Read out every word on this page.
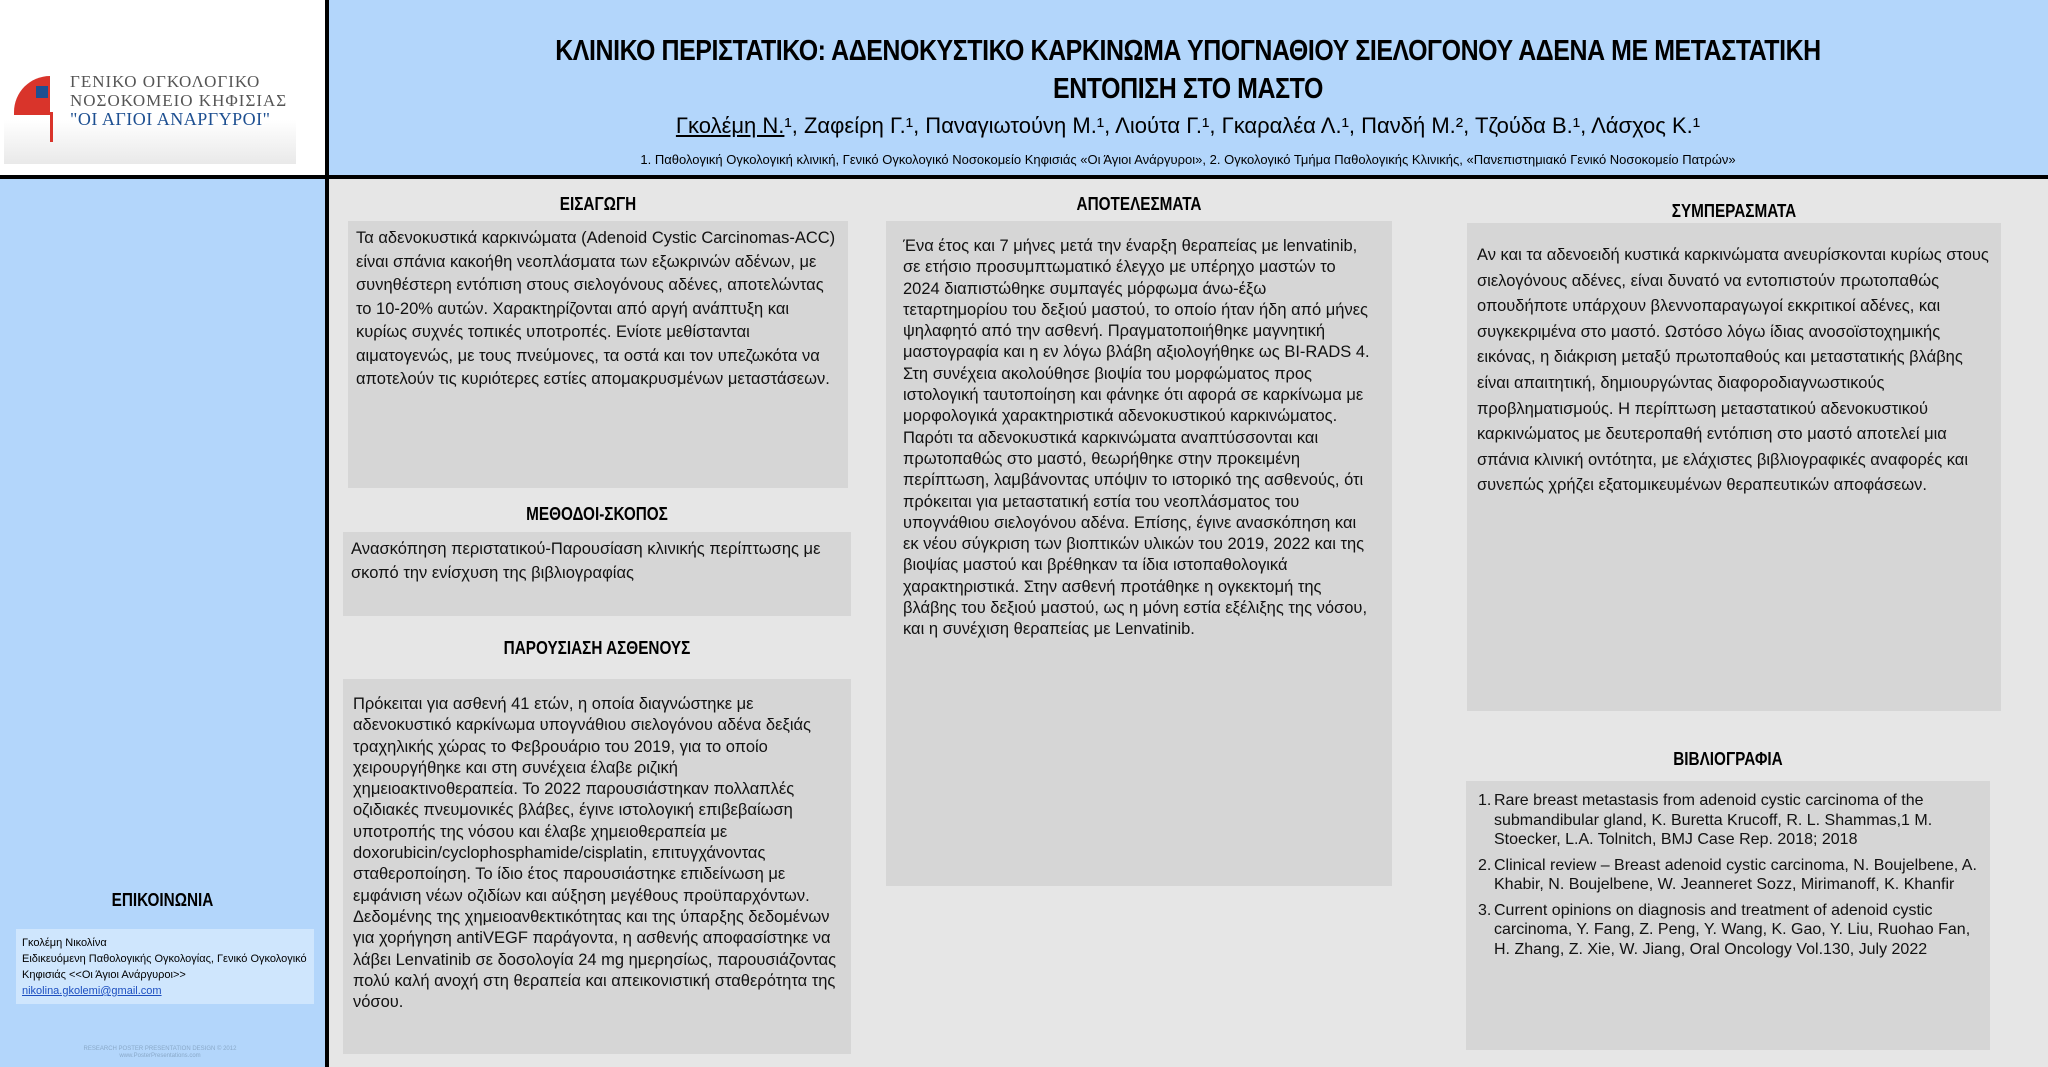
ΓΕΝΙΚΟ ΟΓΚΟΛΟΓΙΚΟ
ΝΟΣΟΚΟΜΕΙΟ ΚΗΦΙΣΙΑΣ
"ΟΙ ΑΓΙΟΙ ΑΝΑΡΓΥΡΟΙ"
ΚΛΙΝΙΚΟ ΠΕΡΙΣΤΑΤΙΚΟ: ΑΔΕΝΟΚΥΣΤΙΚΟ ΚΑΡΚΙΝΩΜΑ ΥΠΟΓΝΑΘΙΟΥ ΣΙΕΛΟΓΟΝΟΥ ΑΔΕΝΑ ΜΕ ΜΕΤΑΣΤΑΤΙΚΗ ΕΝΤΟΠΙΣΗ ΣΤΟ ΜΑΣΤΟ
Γκολέμη Ν.¹, Ζαφείρη Γ.¹, Παναγιωτούνη Μ.¹, Λιούτα Γ.¹, Γκαραλέα Λ.¹, Πανδή Μ.², Τζούδα Β.¹, Λάσχος Κ.¹
1. Παθολογική Ογκολογική κλινική, Γενικό Ογκολογικό Νοσοκομείο Κηφισιάς «Οι Άγιοι Ανάργυροι», 2. Ογκολογικό Τμήμα Παθολογικής Κλινικής, «Πανεπιστημιακό Γενικό Νοσοκομείο Πατρών»
ΕΠΙΚΟΙΝΩΝΙΑ
Γκολέμη Νικολίνα
Ειδικευόμενη Παθολογικής Ογκολογίας, Γενικό Ογκολογικό Κηφισιάς <<Οι Άγιοι Ανάργυροι>>
nikolina.gkolemi@gmail.com
RESEARCH POSTER PRESENTATION DESIGN © 2012 www.PosterPresentations.com
ΕΙΣΑΓΩΓΗ

Τα αδενοκυστικά καρκινώματα (Adenoid Cystic Carcinomas-ACC) είναι σπάνια κακοήθη νεοπλάσματα των εξωκρινών αδένων, με συνηθέστερη εντόπιση στους σιελογόνους αδένες, αποτελώντας το 10-20% αυτών. Χαρακτηρίζονται από αργή ανάπτυξη και κυρίως συχνές τοπικές υποτροπές. Ενίοτε μεθίστανται αιματογενώς, με τους πνεύμονες, τα οστά και τον υπεζωκότα να αποτελούν τις κυριότερες εστίες απομακρυσμένων μεταστάσεων.

ΜΕΘΟΔΟΙ-ΣΚΟΠΟΣ

Ανασκόπηση περιστατικού-Παρουσίαση κλινικής περίπτωσης με σκοπό την ενίσχυση της βιβλιογραφίας

ΠΑΡΟΥΣΙΑΣΗ ΑΣΘΕΝΟΥΣ

Πρόκειται για ασθενή 41 ετών, η οποία διαγνώστηκε με αδενοκυστικό καρκίνωμα υπογνάθιου σιελογόνου αδένα δεξιάς τραχηλικής χώρας το Φεβρουάριο του 2019, για το οποίο χειρουργήθηκε και στη συνέχεια έλαβε ριζική χημειοακτινοθεραπεία. Το 2022 παρουσιάστηκαν πολλαπλές οζιδιακές πνευμονικές βλάβες, έγινε ιστολογική επιβεβαίωση υποτροπής της νόσου και έλαβε χημειοθεραπεία με doxorubicin/cyclophosphamide/cisplatin, επιτυγχάνοντας σταθεροποίηση. Το ίδιο έτος παρουσιάστηκε επιδείνωση με εμφάνιση νέων οζιδίων και αύξηση μεγέθους προϋπαρχόντων. Δεδομένης της χημειοανθεκτικότητας και της ύπαρξης δεδομένων για χορήγηση antiVEGF παράγοντα, η ασθενής αποφασίστηκε να λάβει Lenvatinib σε δοσολογία 24 mg ημερησίως, παρουσιάζοντας πολύ καλή ανοχή στη θεραπεία και απεικονιστική σταθερότητα της νόσου.

ΑΠΟΤΕΛΕΣΜΑΤΑ

Ένα έτος και 7 μήνες μετά την έναρξη θεραπείας με lenvatinib, σε ετήσιο προσυμπτωματικό έλεγχο με υπέρηχο μαστών το 2024 διαπιστώθηκε συμπαγές μόρφωμα άνω-έξω τεταρτημορίου του δεξιού μαστού, το οποίο ήταν ήδη από μήνες ψηλαφητό από την ασθενή. Πραγματοποιήθηκε μαγνητική μαστογραφία και η εν λόγω βλάβη αξιολογήθηκε ως BI-RADS 4. Στη συνέχεια ακολούθησε βιοψία του μορφώματος προς ιστολογική ταυτοποίηση και φάνηκε ότι αφορά σε καρκίνωμα με μορφολογικά χαρακτηριστικά αδενοκυστικού καρκινώματος.

Παρότι τα αδενοκυστικά καρκινώματα αναπτύσσονται και πρωτοπαθώς στο μαστό, θεωρήθηκε στην προκειμένη περίπτωση, λαμβάνοντας υπόψιν το ιστορικό της ασθενούς, ότι πρόκειται για μεταστατική εστία του νεοπλάσματος του υπογνάθιου σιελογόνου αδένα. Επίσης, έγινε ανασκόπηση και εκ νέου σύγκριση των βιοπτικών υλικών του 2019, 2022 και της βιοψίας μαστού και βρέθηκαν τα ίδια ιστοπαθολογικά χαρακτηριστικά. Στην ασθενή προτάθηκε η ογκεκτομή της βλάβης του δεξιού μαστού, ως η μόνη εστία εξέλιξης της νόσου, και η συνέχιση θεραπείας με Lenvatinib.

ΣΥΜΠΕΡΑΣΜΑΤΑ

Αν και τα αδενοειδή κυστικά καρκινώματα ανευρίσκονται κυρίως στους σιελογόνους αδένες, είναι δυνατό να εντοπιστούν πρωτοπαθώς οπουδήποτε υπάρχουν βλεννοπαραγωγοί εκκριτικοί αδένες, και συγκεκριμένα στο μαστό. Ωστόσο λόγω ίδιας ανοσοϊστοχημικής εικόνας, η διάκριση μεταξύ πρωτοπαθούς και μεταστατικής βλάβης είναι απαιτητική, δημιουργώντας διαφοροδιαγνωστικούς προβληματισμούς. Η περίπτωση μεταστατικού αδενοκυστικού καρκινώματος με δευτεροπαθή εντόπιση στο μαστό αποτελεί μια σπάνια κλινική οντότητα, με ελάχιστες βιβλιογραφικές αναφορές και συνεπώς χρήζει εξατομικευμένων θεραπευτικών αποφάσεων.

ΒΙΒΛΙΟΓΡΑΦΙΑ
1. Rare breast metastasis from adenoid cystic carcinoma of the submandibular gland, K. Buretta Krucoff, R. L. Shammas,1 M. Stoecker, L.A. Tolnitch, BMJ Case Rep. 2018; 2018
2. Clinical review – Breast adenoid cystic carcinoma, N. Boujelbene, A. Khabir, N. Boujelbene, W. Jeanneret Sozz, Mirimanoff, K. Khanfir
3. Current opinions on diagnosis and treatment of adenoid cystic carcinoma, Y. Fang, Z. Peng, Y. Wang, K. Gao, Y. Liu, Ruohao Fan, H. Zhang, Z. Xie, W. Jiang, Oral Oncology Vol.130, July 2022
